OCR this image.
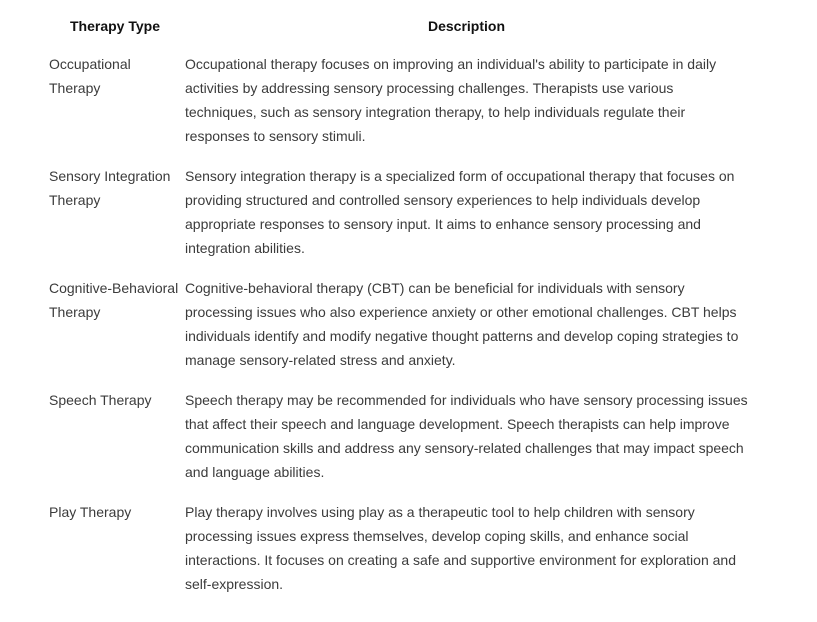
Therapy Type	Description
Occupational Therapy	Occupational therapy focuses on improving an individual's ability to participate in daily activities by addressing sensory processing challenges. Therapists use various techniques, such as sensory integration therapy, to help individuals regulate their responses to sensory stimuli.
Sensory Integration Therapy	Sensory integration therapy is a specialized form of occupational therapy that focuses on providing structured and controlled sensory experiences to help individuals develop appropriate responses to sensory input. It aims to enhance sensory processing and integration abilities.
Cognitive-Behavioral Therapy	Cognitive-behavioral therapy (CBT) can be beneficial for individuals with sensory processing issues who also experience anxiety or other emotional challenges. CBT helps individuals identify and modify negative thought patterns and develop coping strategies to manage sensory-related stress and anxiety.
Speech Therapy	Speech therapy may be recommended for individuals who have sensory processing issues that affect their speech and language development. Speech therapists can help improve communication skills and address any sensory-related challenges that may impact speech and language abilities.
Play Therapy	Play therapy involves using play as a therapeutic tool to help children with sensory processing issues express themselves, develop coping skills, and enhance social interactions. It focuses on creating a safe and supportive environment for exploration and self-expression.
